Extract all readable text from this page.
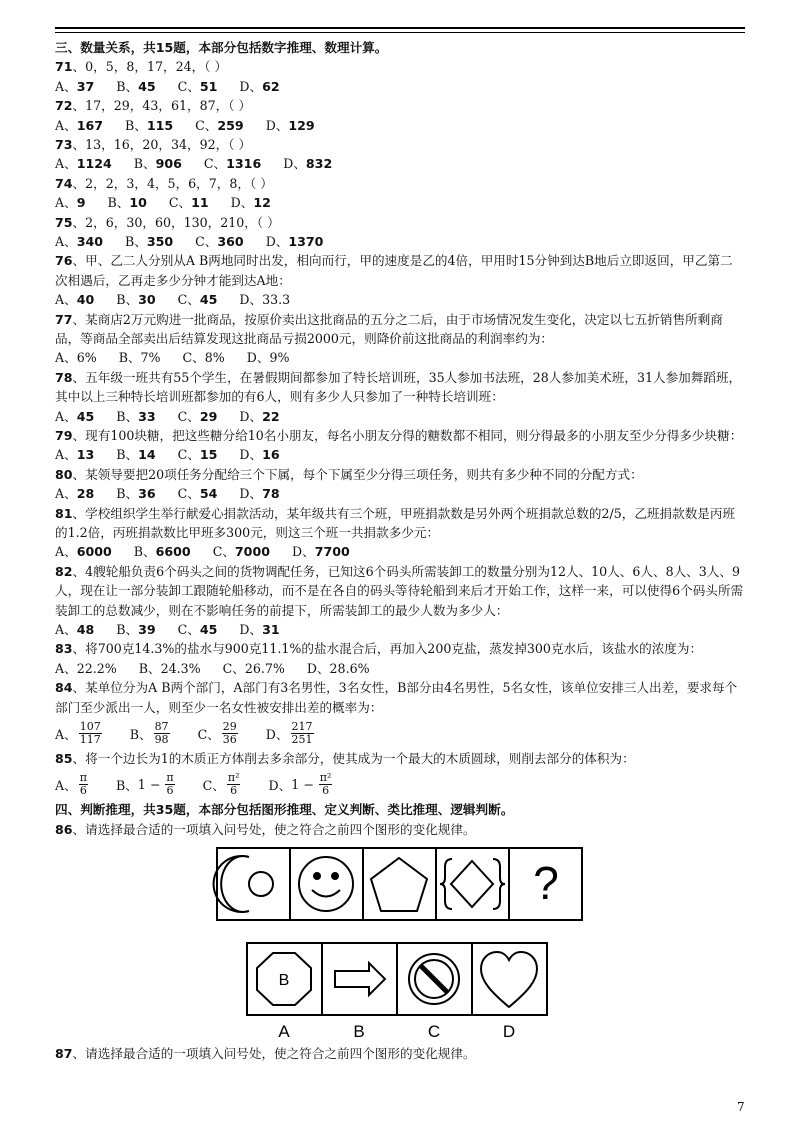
三、数量关系，共15题，本部分包括数字推理、数理计算。
71、0，5，8，17，24，（ ）
A、37 B、45 C、51 D、62
72、17，29，43，61，87，（ ）
A、167 B、115 C、259 D、129
73、13，16，20，34，92，（ ）
A、1124 B、906 C、1316 D、832
74、2，2，3，4，5，6，7，8，（ ）
A、9 B、10 C、11 D、12
75、2，6，30，60，130，210，（ ）
A、340 B、350 C、360 D、1370
76、甲、乙二人分别从A B两地同时出发，相向而行，甲的速度是乙的4倍，甲用时15分钟到达B地后立即返回，甲乙第二次相遇后，乙再走多少分钟才能到达A地：
A、40 B、30 C、45 D、33.3
77、某商店2万元购进一批商品，按原价卖出这批商品的五分之二后，由于市场情况发生变化，决定以七五折销售所剩商品，等商品全部卖出后结算发现这批商品亏损2000元，则降价前这批商品的利润率约为：
A、6% B、7% C、8% D、9%
78、五年级一班共有55个学生，在暑假期间都参加了特长培训班，35人参加书法班，28人参加美术班，31人参加舞蹈班，其中以上三种特长培训班都参加的有6人，则有多少人只参加了一种特长培训班：
A、45 B、33 C、29 D、22
79、现有100块糖，把这些糖分给10名小朋友，每名小朋友分得的糖数都不相同，则分得最多的小朋友至少分得多少块糖：
A、13 B、14 C、15 D、16
80、某领导要把20项任务分配给三个下属，每个下属至少分得三项任务，则共有多少种不同的分配方式：
A、28 B、36 C、54 D、78
81、学校组织学生举行献爱心捐款活动，某年级共有三个班，甲班捐款数是另外两个班捐款总数的2/5，乙班捐款数是丙班的1.2倍，丙班捐款数比甲班多300元，则这三个班一共捐款多少元：
A、6000 B、6600 C、7000 D、7700
82、4艘轮船负责6个码头之间的货物调配任务，已知这6个码头所需装卸工的数量分别为12人、10人、6人、8人、3人、9人，现在让一部分装卸工跟随轮船移动，而不是在各自的码头等待轮船到来后才开始工作，这样一来，可以使得6个码头所需装卸工的总数减少，则在不影响任务的前提下，所需装卸工的最少人数为多少人：
A、48 B、39 C、45 D、31
83、将700克14.3%的盐水与900克11.1%的盐水混合后，再加入200克盐，蒸发掉300克水后，该盐水的浓度为：
A、22.2% B、24.3% C、26.7% D、28.6%
84、某单位分为A B两个部门，A部门有3名男性，3名女性，B部分由4名男性，5名女性，该单位安排三人出差，要求每个部门至少派出一人，则至少一名女性被安排出差的概率为：
A、 $\frac{107}{117}$ B、 $\frac{87}{98}$ C、 $\frac{29}{36}$ D、 $\frac{217}{251}$
85、将一个边长为1的木质正方体削去多余部分，使其成为一个最大的木质圆球，则削去部分的体积为：
A、 $\frac{\pi}{6}$ B、 $1 - \frac{\pi}{6}$ C、 $\frac{\text{π²}}{6}$ D、 $1 - \frac{\text{π²}}{6}$
四、判断推理，共35题，本部分包括图形推理、定义判断、类比推理、逻辑判断。
86、请选择最合适的一项填入问号处，使之符合之前四个图形的变化规律。
?
B
A	B	C	D
87、请选择最合适的一项填入问号处，使之符合之前四个图形的变化规律。
7
